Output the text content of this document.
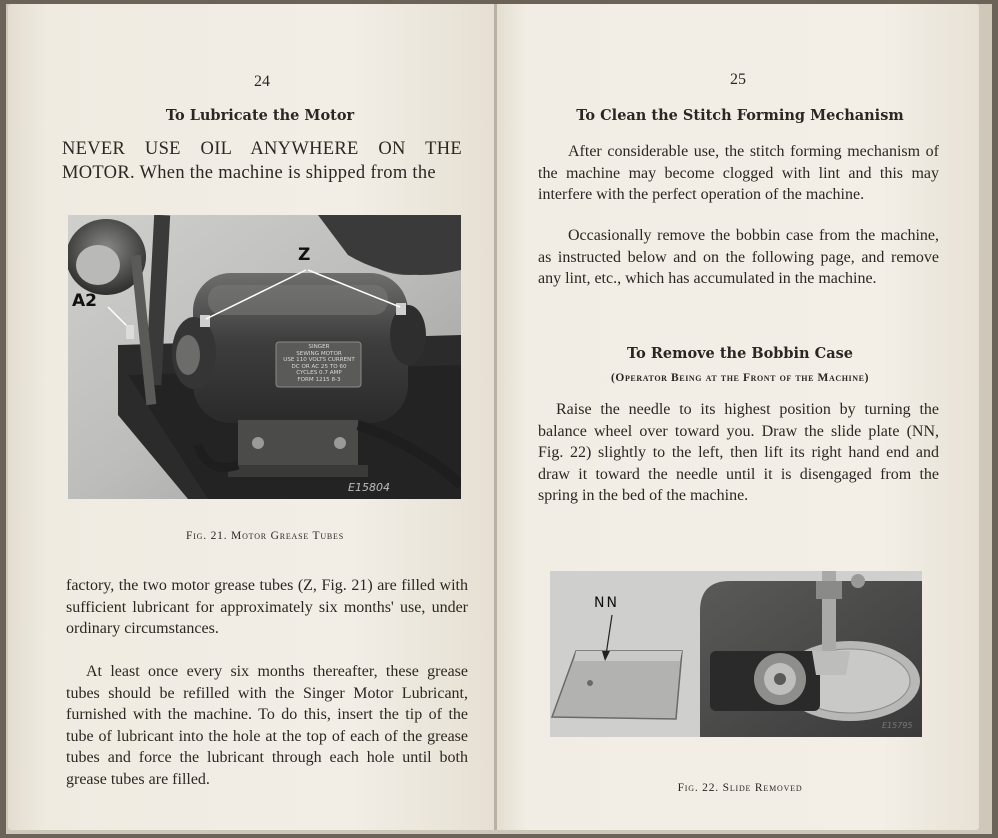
24
To Lubricate the Motor

NEVER USE OIL ANYWHERE ON THE MOTOR. When the machine is shipped from the

Z
A2
SINGER
SEWING MOTOR
USE 110 VOLTS CURRENT
DC OR AC 25 TO 60
CYCLES 0.7 AMP
FORM 1215 8-3
E15804
Fig. 21. Motor Grease Tubes

factory, the two motor grease tubes (Z, Fig. 21) are filled with sufficient lubricant for approximately six months' use, under ordinary circumstances.

At least once every six months thereafter, these grease tubes should be refilled with the Singer Motor Lubricant, furnished with the machine. To do this, insert the tip of the tube of lubricant into the hole at the top of each of the grease tubes and force the lubricant through each hole until both grease tubes are filled.

25
To Clean the Stitch Forming Mechanism

After considerable use, the stitch forming mechanism of the machine may become clogged with lint and this may interfere with the perfect operation of the machine.

Occasionally remove the bobbin case from the machine, as instructed below and on the following page, and remove any lint, etc., which has accumulated in the machine.

To Remove the Bobbin Case
(Operator Being at the Front of the Machine)

Raise the needle to its highest position by turning the balance wheel over toward you. Draw the slide plate (NN, Fig. 22) slightly to the left, then lift its right hand end and draw it toward the needle until it is disengaged from the spring in the bed of the machine.

NN
E15795
Fig. 22. Slide Removed
